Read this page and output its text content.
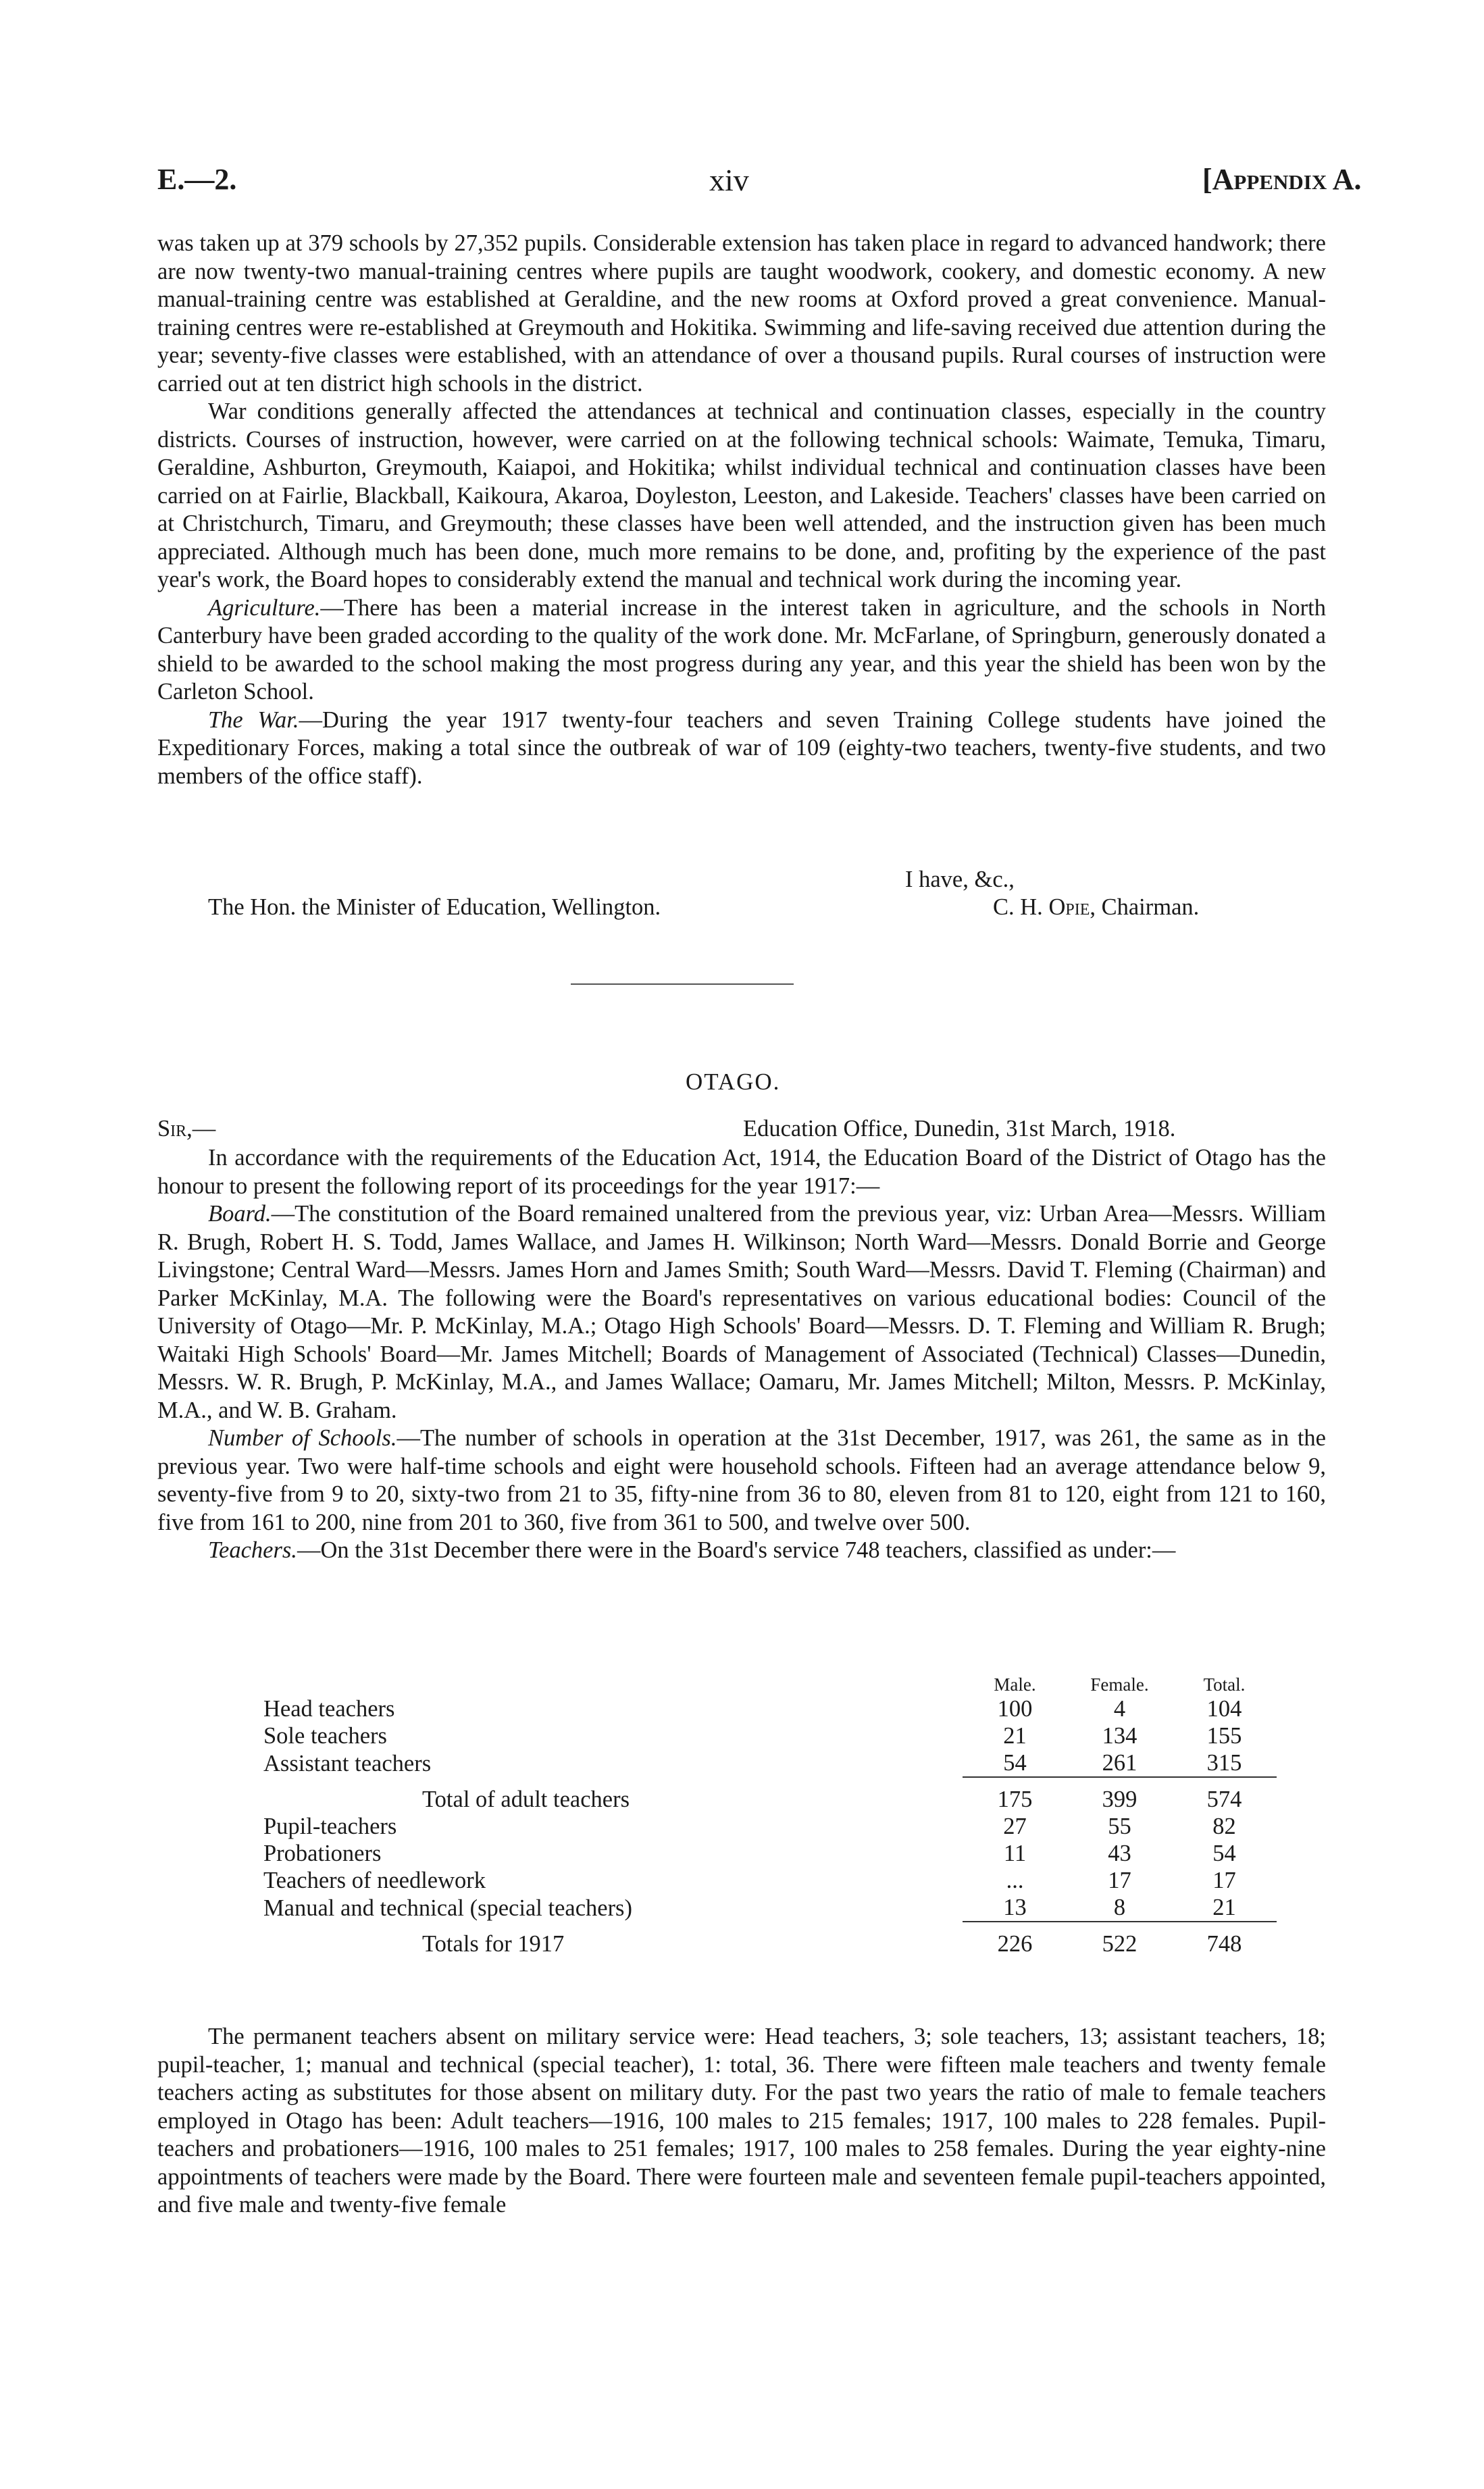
E.—2.	xiv	[Appendix A.

was taken up at 379 schools by 27,352 pupils. Considerable extension has taken place in regard to advanced handwork; there are now twenty-two manual-training centres where pupils are taught woodwork, cookery, and domestic economy. A new manual-training centre was established at Geraldine, and the new rooms at Oxford proved a great convenience. Manual-training centres were re-established at Greymouth and Hokitika. Swimming and life-saving received due attention during the year; seventy-five classes were established, with an attendance of over a thousand pupils. Rural courses of instruction were carried out at ten district high schools in the district.

War conditions generally affected the attendances at technical and continuation classes, especially in the country districts. Courses of instruction, however, were carried on at the following technical schools: Waimate, Temuka, Timaru, Geraldine, Ashburton, Greymouth, Kaiapoi, and Hokitika; whilst individual technical and continuation classes have been carried on at Fairlie, Blackball, Kaikoura, Akaroa, Doyleston, Leeston, and Lakeside. Teachers' classes have been carried on at Christchurch, Timaru, and Greymouth; these classes have been well attended, and the instruction given has been much appreciated. Although much has been done, much more remains to be done, and, profiting by the experience of the past year's work, the Board hopes to considerably extend the manual and technical work during the incoming year.

Agriculture.—There has been a material increase in the interest taken in agriculture, and the schools in North Canterbury have been graded according to the quality of the work done. Mr. McFarlane, of Springburn, generously donated a shield to be awarded to the school making the most progress during any year, and this year the shield has been won by the Carleton School.

The War.—During the year 1917 twenty-four teachers and seven Training College students have joined the Expeditionary Forces, making a total since the outbreak of war of 109 (eighty-two teachers, twenty-five students, and two members of the office staff).

I have, &c.,
The Hon. the Minister of Education, Wellington.	C. H. Opie, Chairman.
OTAGO.
Sir,—	Education Office, Dunedin, 31st March, 1918.

In accordance with the requirements of the Education Act, 1914, the Education Board of the District of Otago has the honour to present the following report of its proceedings for the year 1917:—

Board.—The constitution of the Board remained unaltered from the previous year, viz: Urban Area—Messrs. William R. Brugh, Robert H. S. Todd, James Wallace, and James H. Wilkinson; North Ward—Messrs. Donald Borrie and George Livingstone; Central Ward—Messrs. James Horn and James Smith; South Ward—Messrs. David T. Fleming (Chairman) and Parker McKinlay, M.A. The following were the Board's representatives on various educational bodies: Council of the University of Otago—Mr. P. McKinlay, M.A.; Otago High Schools' Board—Messrs. D. T. Fleming and William R. Brugh; Waitaki High Schools' Board—Mr. James Mitchell; Boards of Management of Associated (Technical) Classes—Dunedin, Messrs. W. R. Brugh, P. McKinlay, M.A., and James Wallace; Oamaru, Mr. James Mitchell; Milton, Messrs. P. McKinlay, M.A., and W. B. Graham.

Number of Schools.—The number of schools in operation at the 31st December, 1917, was 261, the same as in the previous year. Two were half-time schools and eight were household schools. Fifteen had an average attendance below 9, seventy-five from 9 to 20, sixty-two from 21 to 35, fifty-nine from 36 to 80, eleven from 81 to 120, eight from 121 to 160, five from 161 to 200, nine from 201 to 360, five from 361 to 500, and twelve over 500.

Teachers.—On the 31st December there were in the Board's service 748 teachers, classified as under:—

	Male.	Female.	Total.
Head teachers	100	4	104
Sole teachers	21	134	155
Assistant teachers	54	261	315

Total of adult teachers	175	399	574
Pupil-teachers	27	55	82
Probationers	11	43	54
Teachers of needlework	...	17	17
Manual and technical (special teachers)	13	8	21

Totals for 1917	226	522	748

The permanent teachers absent on military service were: Head teachers, 3; sole teachers, 13; assistant teachers, 18; pupil-teacher, 1; manual and technical (special teacher), 1: total, 36. There were fifteen male teachers and twenty female teachers acting as substitutes for those absent on military duty. For the past two years the ratio of male to female teachers employed in Otago has been: Adult teachers—1916, 100 males to 215 females; 1917, 100 males to 228 females. Pupil-teachers and probationers—1916, 100 males to 251 females; 1917, 100 males to 258 females. During the year eighty-nine appointments of teachers were made by the Board. There were fourteen male and seventeen female pupil-teachers appointed, and five male and twenty-five female
